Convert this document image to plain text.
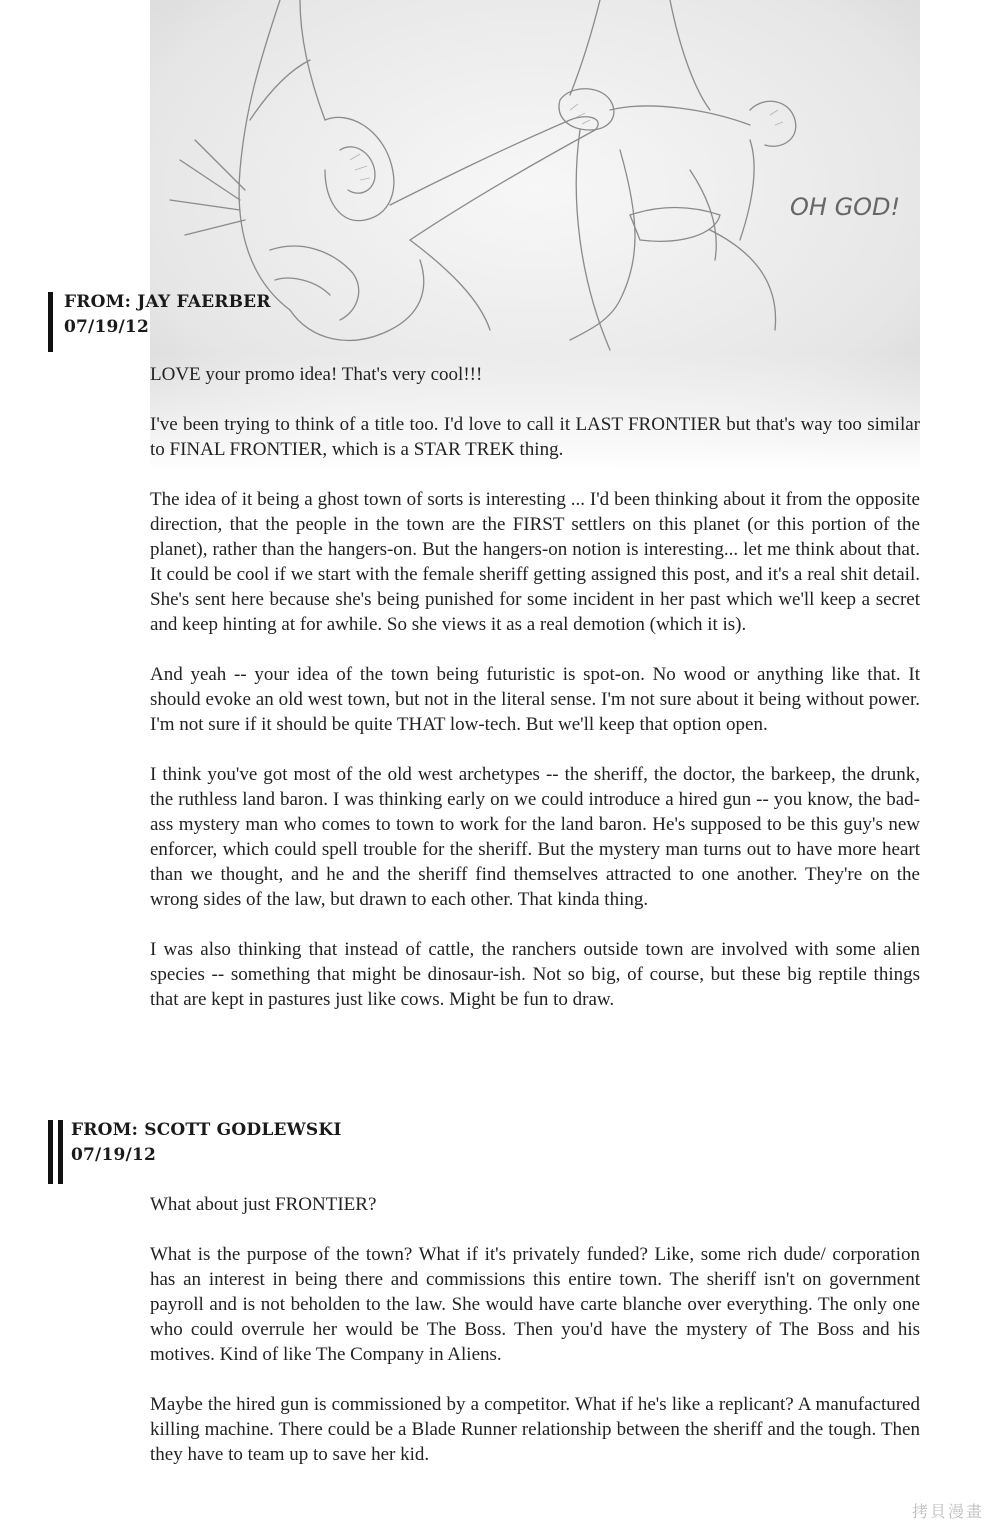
FROM: JAY FAERBER

07/19/12

LOVE your promo idea! That's very cool!!!

I've been trying to think of a title too. I'd love to call it LAST FRONTIER but that's way too similar to FINAL FRONTIER, which is a STAR TREK thing.

The idea of it being a ghost town of sorts is interesting ... I'd been thinking about it from the opposite direction, that the people in the town are the FIRST settlers on this planet (or this portion of the planet), rather than the hangers-on. But the hangers-on notion is interesting... let me think about that. It could be cool if we start with the female sheriff getting assigned this post, and it's a real shit detail. She's sent here because she's being punished for some incident in her past which we'll keep a secret and keep hinting at for awhile. So she views it as a real demotion (which it is).

And yeah -- your idea of the town being futuristic is spot-on. No wood or anything like that. It should evoke an old west town, but not in the literal sense. I'm not sure about it being without power. I'm not sure if it should be quite THAT low-tech. But we'll keep that option open.

I think you've got most of the old west archetypes -- the sheriff, the doctor, the barkeep, the drunk, the ruthless land baron. I was thinking early on we could introduce a hired gun -- you know, the bad-ass mystery man who comes to town to work for the land baron. He's supposed to be this guy's new enforcer, which could spell trouble for the sheriff. But the mystery man turns out to have more heart than we thought, and he and the sheriff find themselves attracted to one another. They're on the wrong sides of the law, but drawn to each other. That kinda thing.

I was also thinking that instead of cattle, the ranchers outside town are involved with some alien species -- something that might be dinosaur-ish. Not so big, of course, but these big reptile things that are kept in pastures just like cows. Might be fun to draw.

FROM: SCOTT GODLEWSKI

07/19/12

What about just FRONTIER?

What is the purpose of the town? What if it's privately funded? Like, some rich dude/ corporation has an interest in being there and commissions this entire town. The sheriff isn't on government payroll and is not beholden to the law. She would have carte blanche over everything. The only one who could overrule her would be The Boss. Then you'd have the mystery of The Boss and his motives. Kind of like The Company in Aliens.

Maybe the hired gun is commissioned by a competitor. What if he's like a replicant? A manufactured killing machine. There could be a Blade Runner relationship between the sheriff and the tough. Then they have to team up to save her kid.

拷貝漫畫
